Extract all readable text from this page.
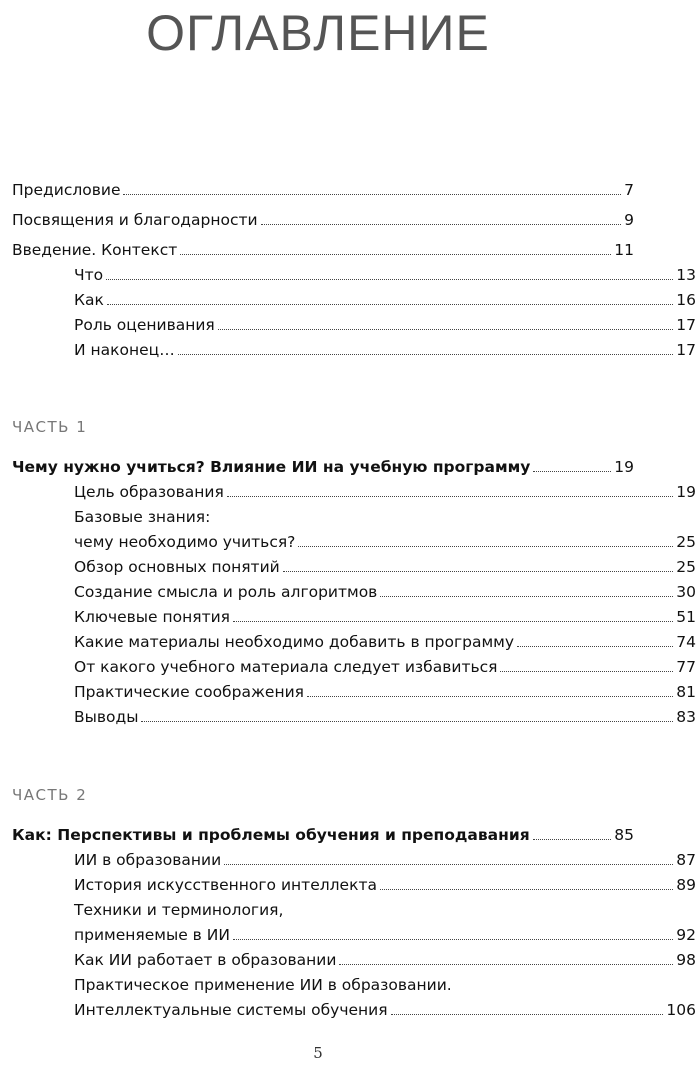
ОГЛАВЛЕНИЕ
Предисловие	7
Посвящения и благодарности	9
Введение. Контекст	11
Что	13
Как	16
Роль оценивания	17
И наконец…	17
ЧАСТЬ 1
Чему нужно учиться? Влияние ИИ на учебную программу	19
Цель образования	19
Базовые знания:
чему необходимо учиться?	25
Обзор основных понятий	25
Создание смысла и роль алгоритмов	30
Ключевые понятия	51
Какие материалы необходимо добавить в программу	74
От какого учебного материала следует избавиться	77
Практические соображения	81
Выводы	83
ЧАСТЬ 2
Как: Перспективы и проблемы обучения и преподавания	85
ИИ в образовании	87
История искусственного интеллекта	89
Техники и терминология,
применяемые в ИИ	92
Как ИИ работает в образовании	98
Практическое применение ИИ в образовании.
Интеллектуальные системы обучения	106
5
